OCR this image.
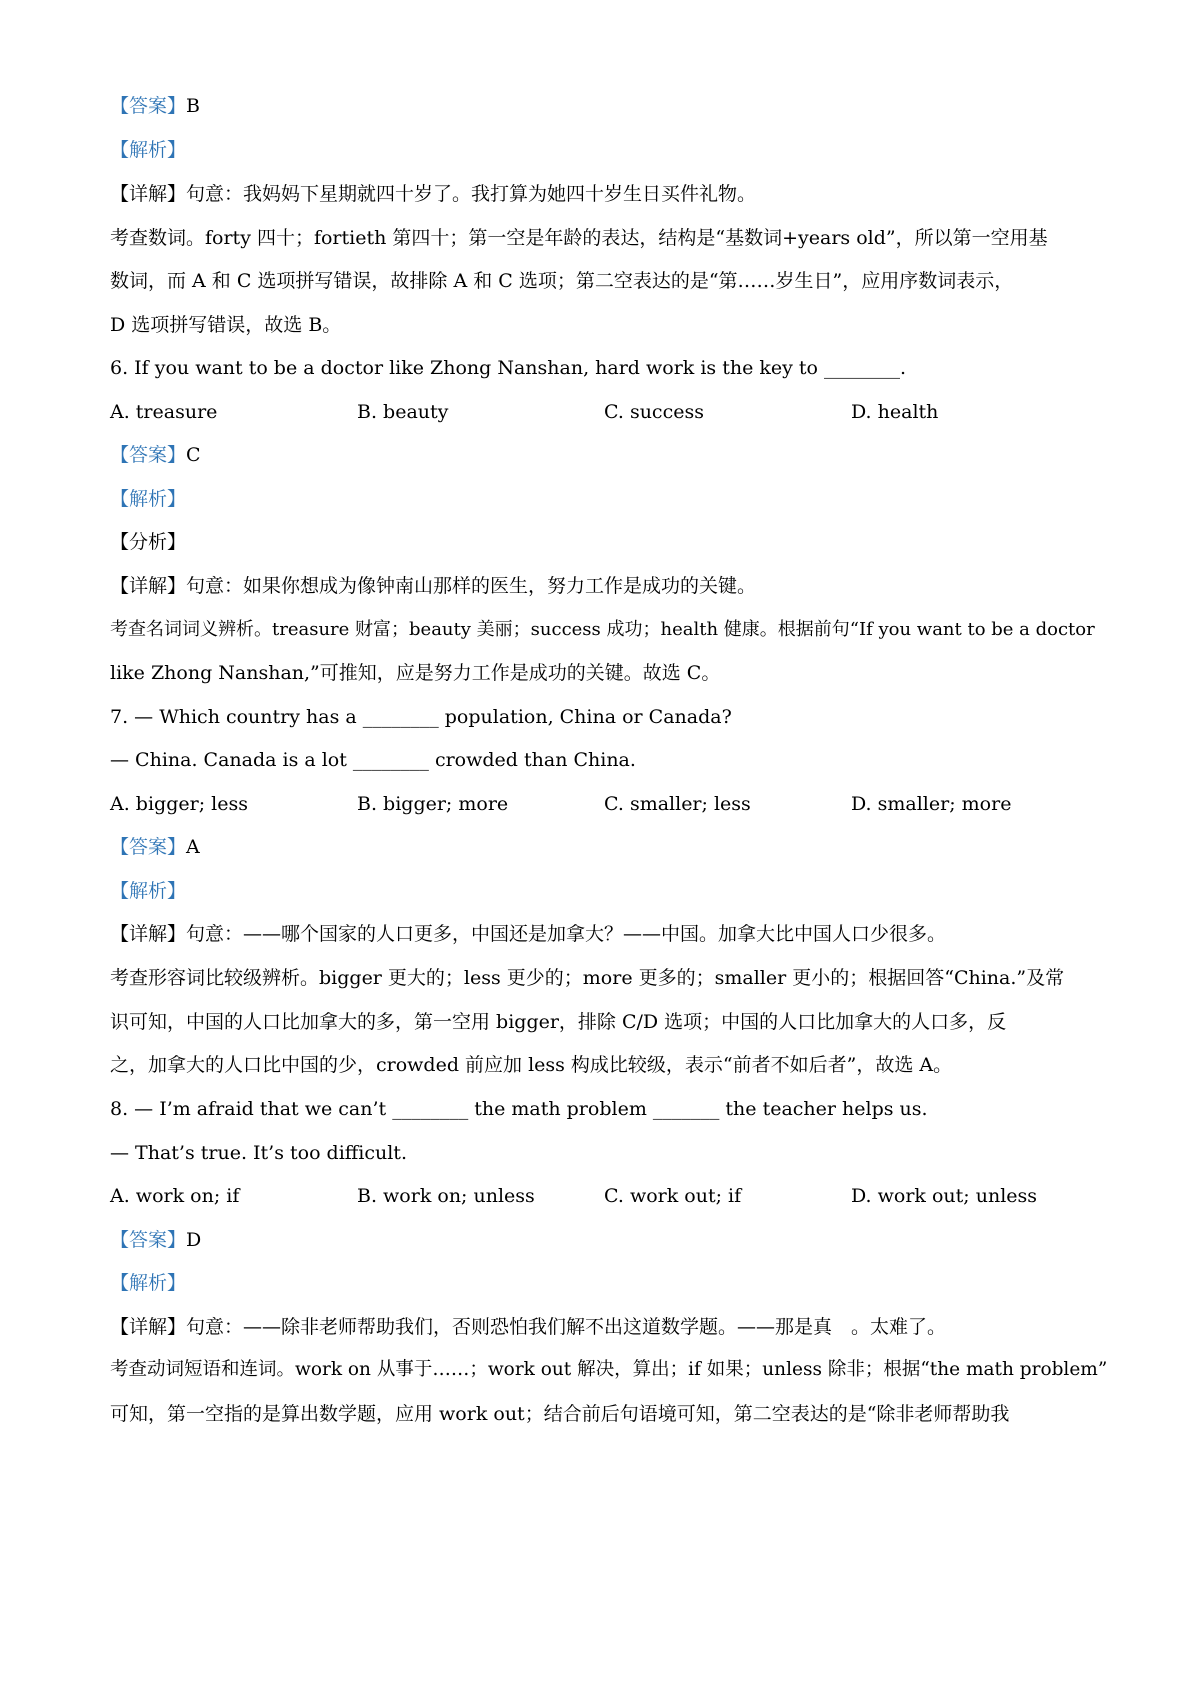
【答案】B
【解析】
【详解】句意：我妈妈下星期就四十岁了。我打算为她四十岁生日买件礼物。
考查数词。forty 四十；fortieth 第四十；第一空是年龄的表达，结构是“基数词+years old”，所以第一空用基
数词，而 A 和 C 选项拼写错误，故排除 A 和 C 选项；第二空表达的是“第……岁生日”，应用序数词表示，
D 选项拼写错误，故选 B。
6. If you want to be a doctor like Zhong Nanshan, hard work is the key to ________.
A. treasure	B. beauty	C. success	D. health
【答案】C
【解析】
【分析】
【详解】句意：如果你想成为像钟南山那样的医生，努力工作是成功的关键。
考查名词词义辨析。treasure 财富；beauty 美丽；success 成功；health 健康。根据前句“If you want to be a doctor
like Zhong Nanshan,”可推知，应是努力工作是成功的关键。故选 C。
7. — Which country has a ________ population, China or Canada?
— China. Canada is a lot ________ crowded than China.
A. bigger; less	B. bigger; more	C. smaller; less	D. smaller; more
【答案】A
【解析】
【详解】句意：——哪个国家的人口更多，中国还是加拿大？——中国。加拿大比中国人口少很多。
考查形容词比较级辨析。bigger 更大的；less 更少的；more 更多的；smaller 更小的；根据回答“China.”及常
识可知，中国的人口比加拿大的多，第一空用 bigger，排除 C/D 选项；中国的人口比加拿大的人口多，反
之，加拿大的人口比中国的少，crowded 前应加 less 构成比较级，表示“前者不如后者”，故选 A。
8. — I’m afraid that we can’t ________ the math problem _______ the teacher helps us.
— That’s true. It’s too difficult.
A. work on; if	B. work on; unless	C. work out; if	D. work out; unless
【答案】D
【解析】
【详解】句意：——除非老师帮助我们，否则恐怕我们解不出这道数学题。——那是真　。太难了。
考查动词短语和连词。work on 从事于……；work out 解决，算出；if 如果；unless 除非；根据“the math problem”
可知，第一空指的是算出数学题，应用 work out；结合前后句语境可知，第二空表达的是“除非老师帮助我
